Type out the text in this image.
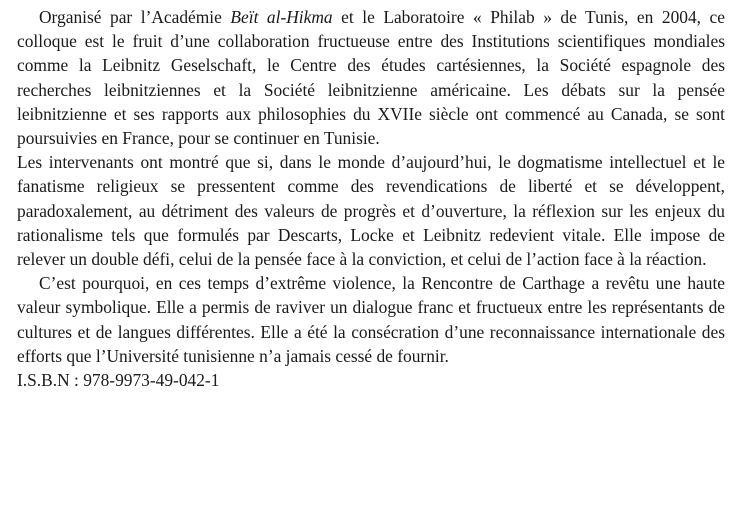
Organisé par l’Académie Beït al-Hikma et le Laboratoire « Philab » de Tunis, en 2004, ce colloque est le fruit d’une collaboration fructueuse entre des Institutions scientifiques mondiales comme la Leibnitz Geselschaft, le Centre des études cartésiennes, la Société espagnole des recherches leibnitziennes et la Société leibnitzienne américaine. Les débats sur la pensée leibnitzienne et ses rapports aux philosophies du XVIIe siècle ont commencé au Canada, se sont poursuivies en France, pour se continuer en Tunisie.

Les intervenants ont montré que si, dans le monde d’aujourd’hui, le dogmatisme intellectuel et le fanatisme religieux se pressentent comme des revendications de liberté et se développent, paradoxalement, au détriment des valeurs de progrès et d’ouverture, la réflexion sur les enjeux du rationalisme tels que formulés par Descarts, Locke et Leibnitz redevient vitale. Elle impose de relever un double défi, celui de la pensée face à la conviction, et celui de l’action face à la réaction.

C’est pourquoi, en ces temps d’extrême violence, la Rencontre de Carthage a revêtu une haute valeur symbolique. Elle a permis de raviver un dialogue franc et fructueux entre les représentants de cultures et de langues différentes. Elle a été la consécration d’une reconnaissance internationale des efforts que l’Université tunisienne n’a jamais cessé de fournir.

I.S.B.N : 978-9973-49-042-1
